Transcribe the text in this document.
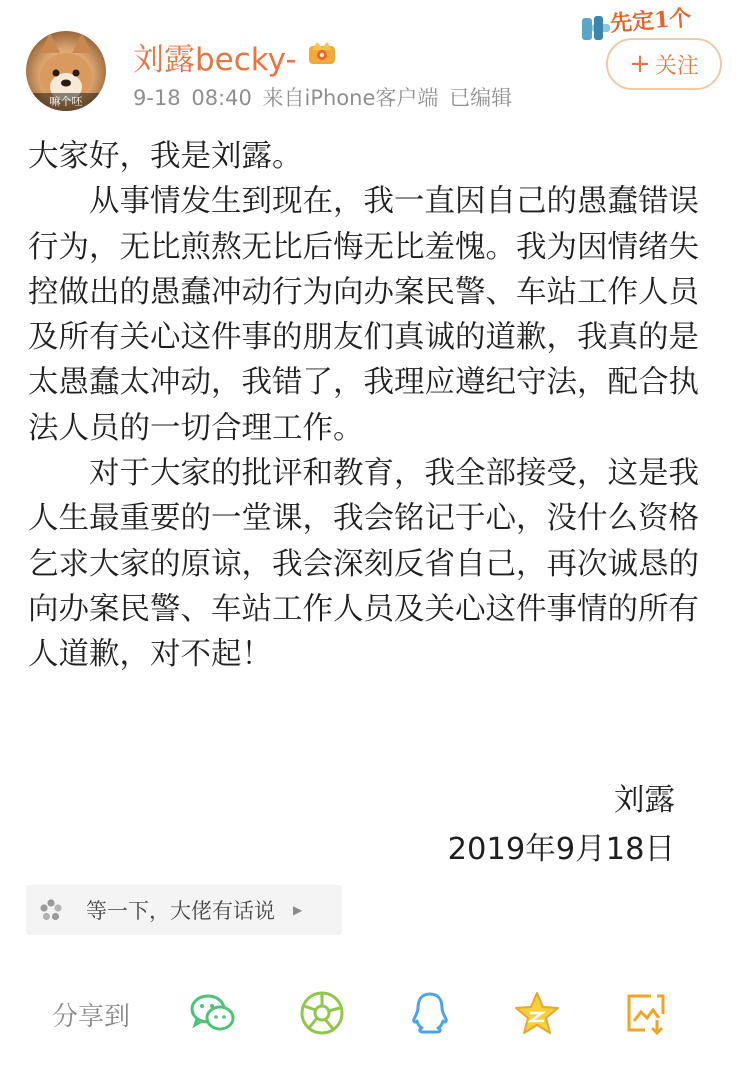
嘛个呸
刘露becky-
9-18 08:40 来自iPhone客户端 已编辑
先定1个
+ 关注

大家好，我是刘露。

从事情发生到现在，我一直因自己的愚蠢错误行为，无比煎熬无比后悔无比羞愧。我为因情绪失控做出的愚蠢冲动行为向办案民警、车站工作人员及所有关心这件事的朋友们真诚的道歉，我真的是太愚蠢太冲动，我错了，我理应遵纪守法，配合执法人员的一切合理工作。

对于大家的批评和教育，我全部接受，这是我人生最重要的一堂课，我会铭记于心，没什么资格乞求大家的原谅，我会深刻反省自己，再次诚恳的向办案民警、车站工作人员及关心这件事情的所有人道歉，对不起！

刘露
2019年9月18日
等一下，大佬有话说 ▶
分享到
